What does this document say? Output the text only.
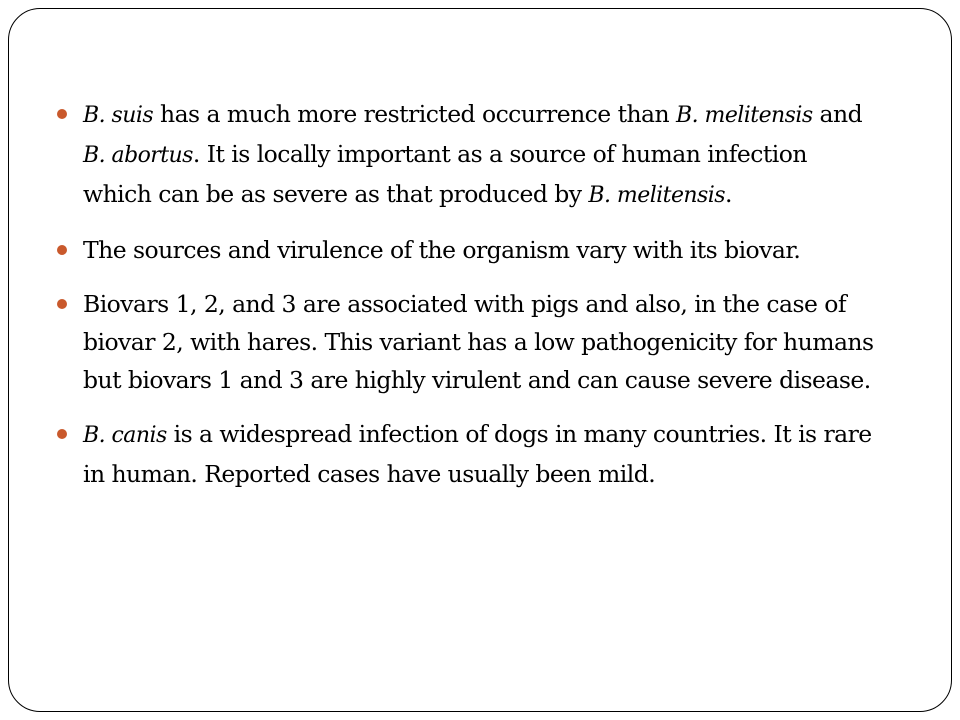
B. suis has a much more restricted occurrence than B. melitensis and B. abortus. It is locally important as a source of human infection which can be as severe as that produced by B. melitensis.
The sources and virulence of the organism vary with its biovar.
Biovars 1, 2, and 3 are associated with pigs and also, in the case of biovar 2, with hares. This variant has a low pathogenicity for humans but biovars 1 and 3 are highly virulent and can cause severe disease.
B. canis is a widespread infection of dogs in many countries. It is rare in human. Reported cases have usually been mild.
